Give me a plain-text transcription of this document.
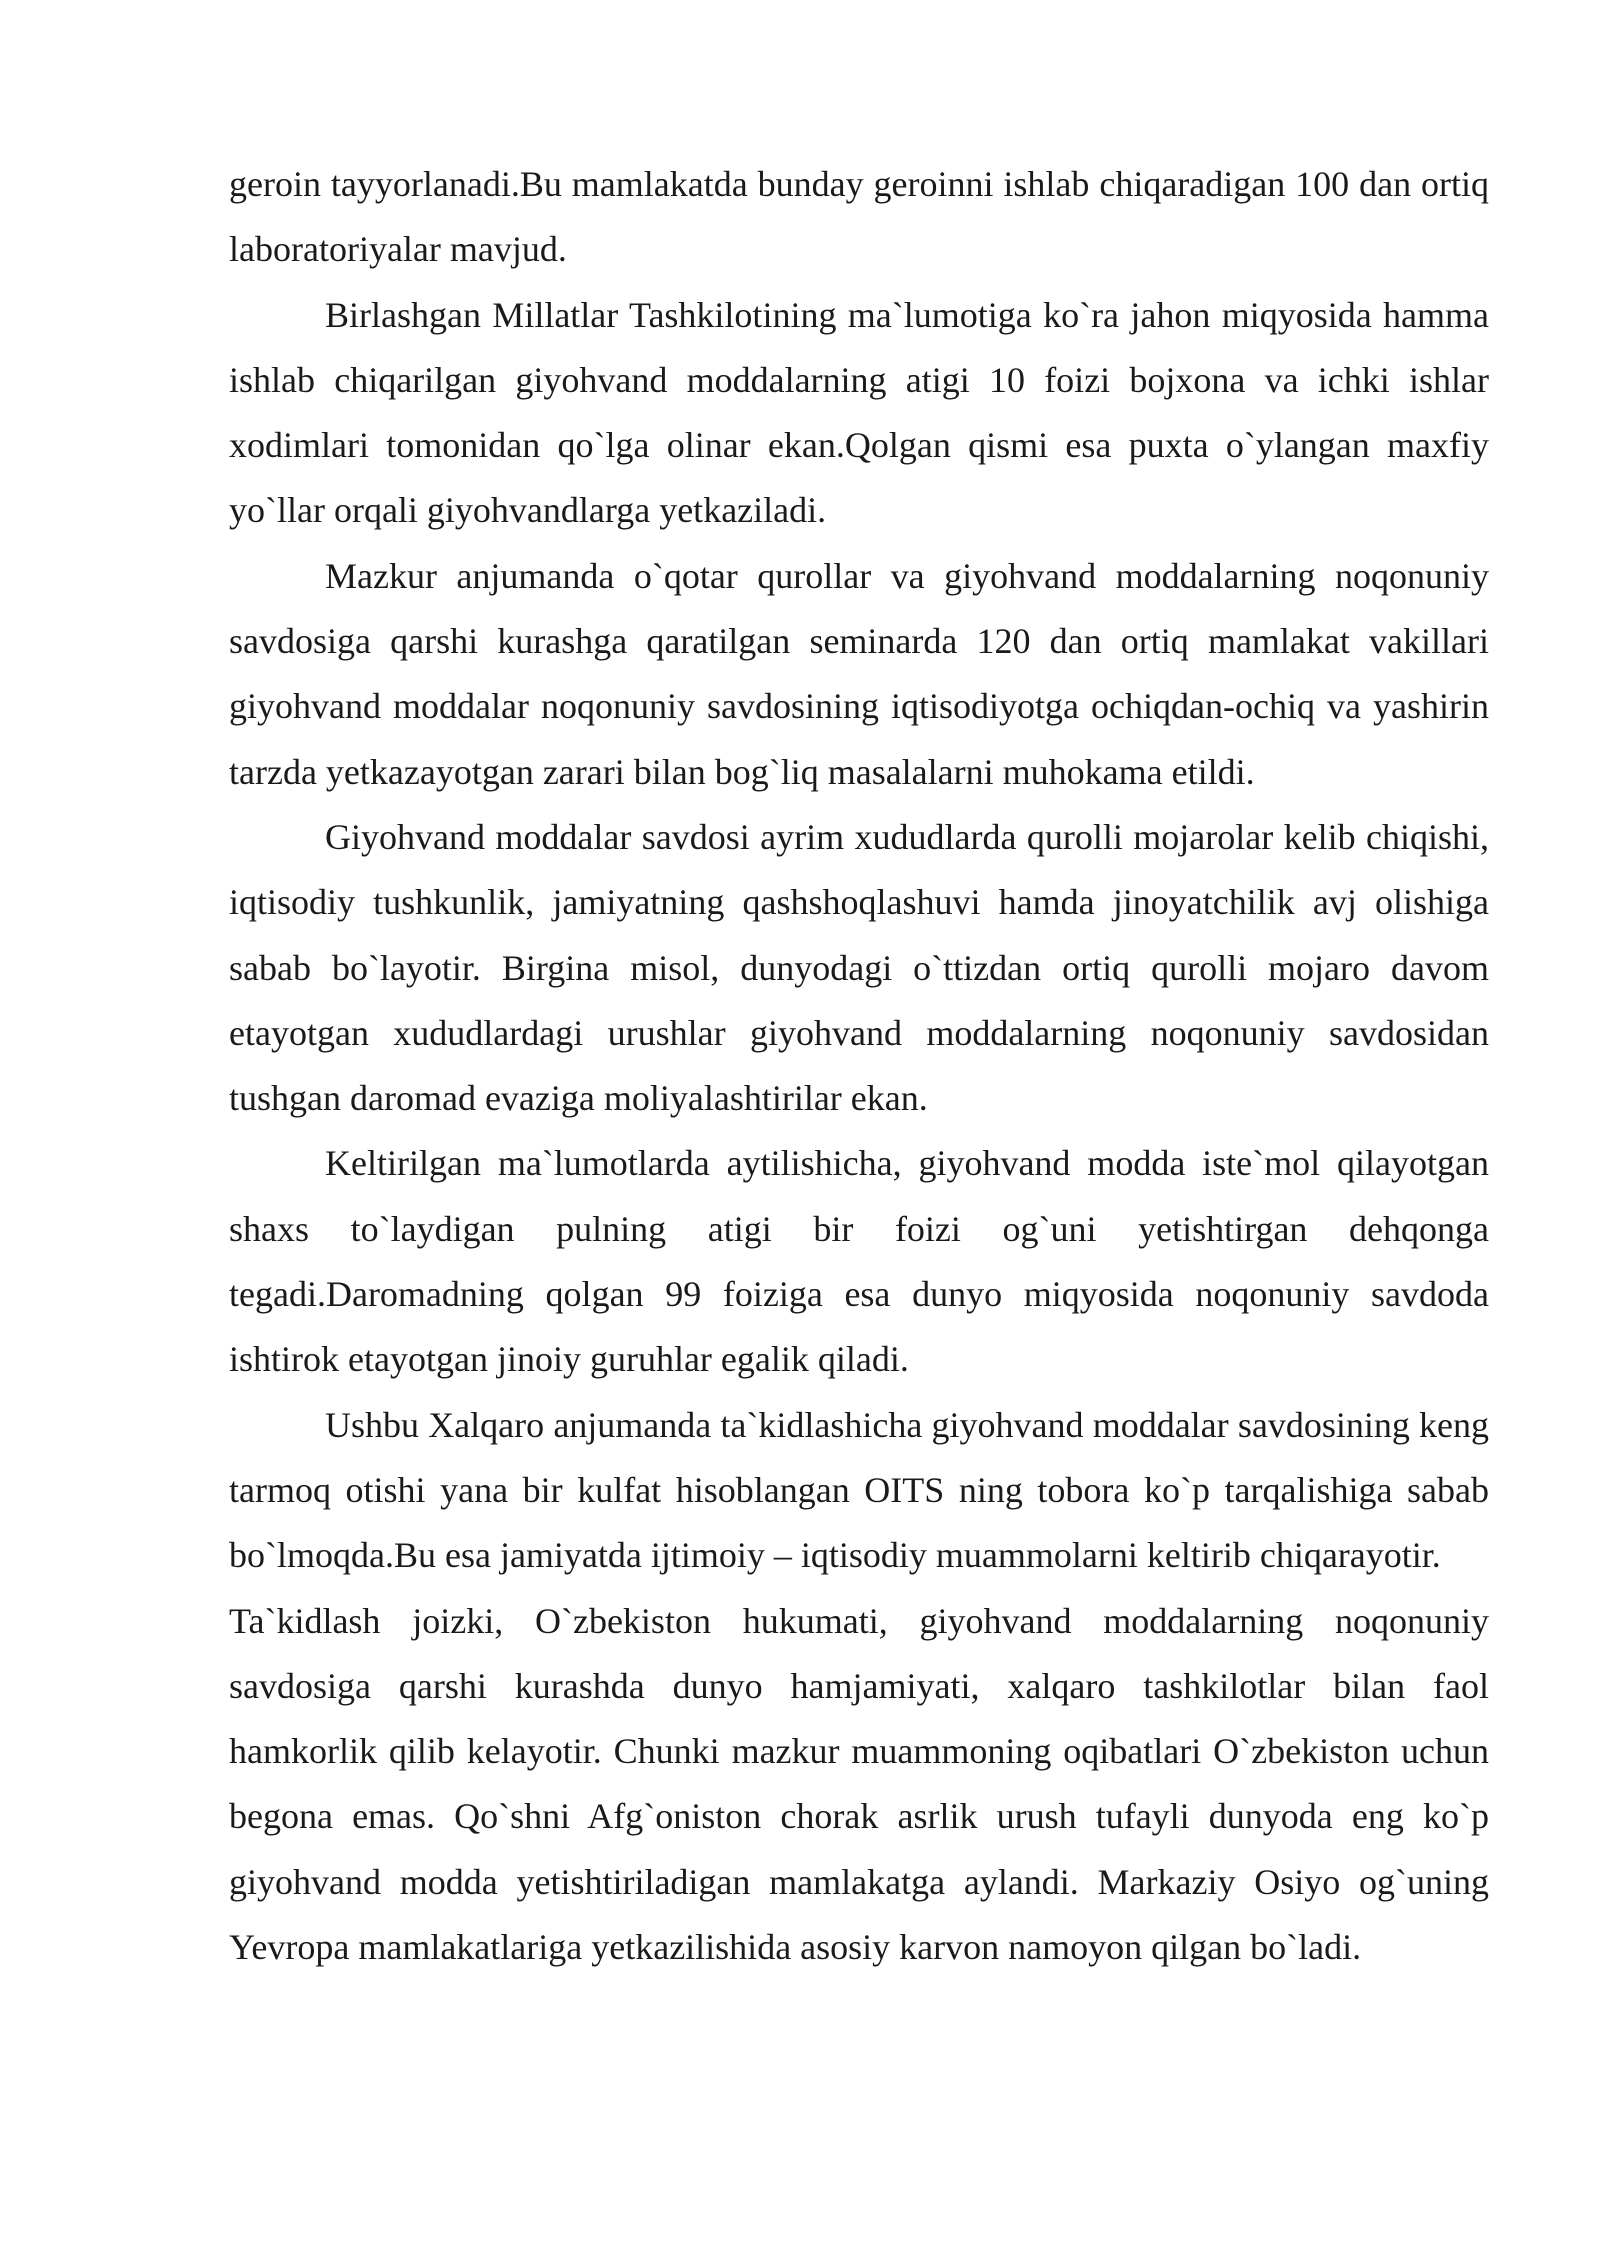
geroin tayyorlanadi.Bu mamlakatda bunday geroinni ishlab chiqaradigan 100 dan ortiq laboratoriyalar mavjud.

Birlashgan Millatlar Tashkilotining ma`lumotiga ko`ra jahon miqyosida hamma ishlab chiqarilgan giyohvand moddalarning atigi 10 foizi bojxona va ichki ishlar xodimlari tomonidan qo`lga olinar ekan.Qolgan qismi esa puxta o`ylangan maxfiy yo`llar orqali giyohvandlarga yetkaziladi.

Mazkur anjumanda o`qotar qurollar va giyohvand moddalarning noqonuniy savdosiga qarshi kurashga qaratilgan seminarda 120 dan ortiq mamlakat vakillari giyohvand moddalar noqonuniy savdosining iqtisodiyotga ochiqdan-ochiq va yashirin tarzda yetkazayotgan zarari bilan bog`liq masalalarni muhokama etildi.

Giyohvand moddalar savdosi ayrim xududlarda qurolli mojarolar kelib chiqishi, iqtisodiy tushkunlik, jamiyatning qashshoqlashuvi hamda jinoyatchilik avj olishiga sabab bo`layotir. Birgina misol, dunyodagi o`ttizdan ortiq qurolli mojaro davom etayotgan xududlardagi urushlar giyohvand moddalarning noqonuniy savdosidan tushgan daromad evaziga moliyalashtirilar ekan.

Keltirilgan ma`lumotlarda aytilishicha, giyohvand modda iste`mol qilayotgan shaxs to`laydigan pulning atigi bir foizi og`uni yetishtirgan dehqonga tegadi.Daromadning qolgan 99 foiziga esa dunyo miqyosida noqonuniy savdoda ishtirok etayotgan jinoiy guruhlar egalik qiladi.

Ushbu Xalqaro anjumanda ta`kidlashicha giyohvand moddalar savdosining keng tarmoq otishi yana bir kulfat hisoblangan OITS ning tobora ko`p tarqalishiga sabab bo`lmoqda.Bu esa jamiyatda ijtimoiy – iqtisodiy muammolarni keltirib chiqarayotir.

Ta`kidlash joizki, O`zbekiston hukumati, giyohvand moddalarning noqonuniy savdosiga qarshi kurashda dunyo hamjamiyati, xalqaro tashkilotlar bilan faol hamkorlik qilib kelayotir. Chunki mazkur muammoning oqibatlari O`zbekiston uchun begona emas. Qo`shni Afg`oniston chorak asrlik urush tufayli dunyoda eng ko`p giyohvand modda yetishtiriladigan mamlakatga aylandi. Markaziy Osiyo og`uning Yevropa mamlakatlariga yetkazilishida asosiy karvon namoyon qilgan bo`ladi.
